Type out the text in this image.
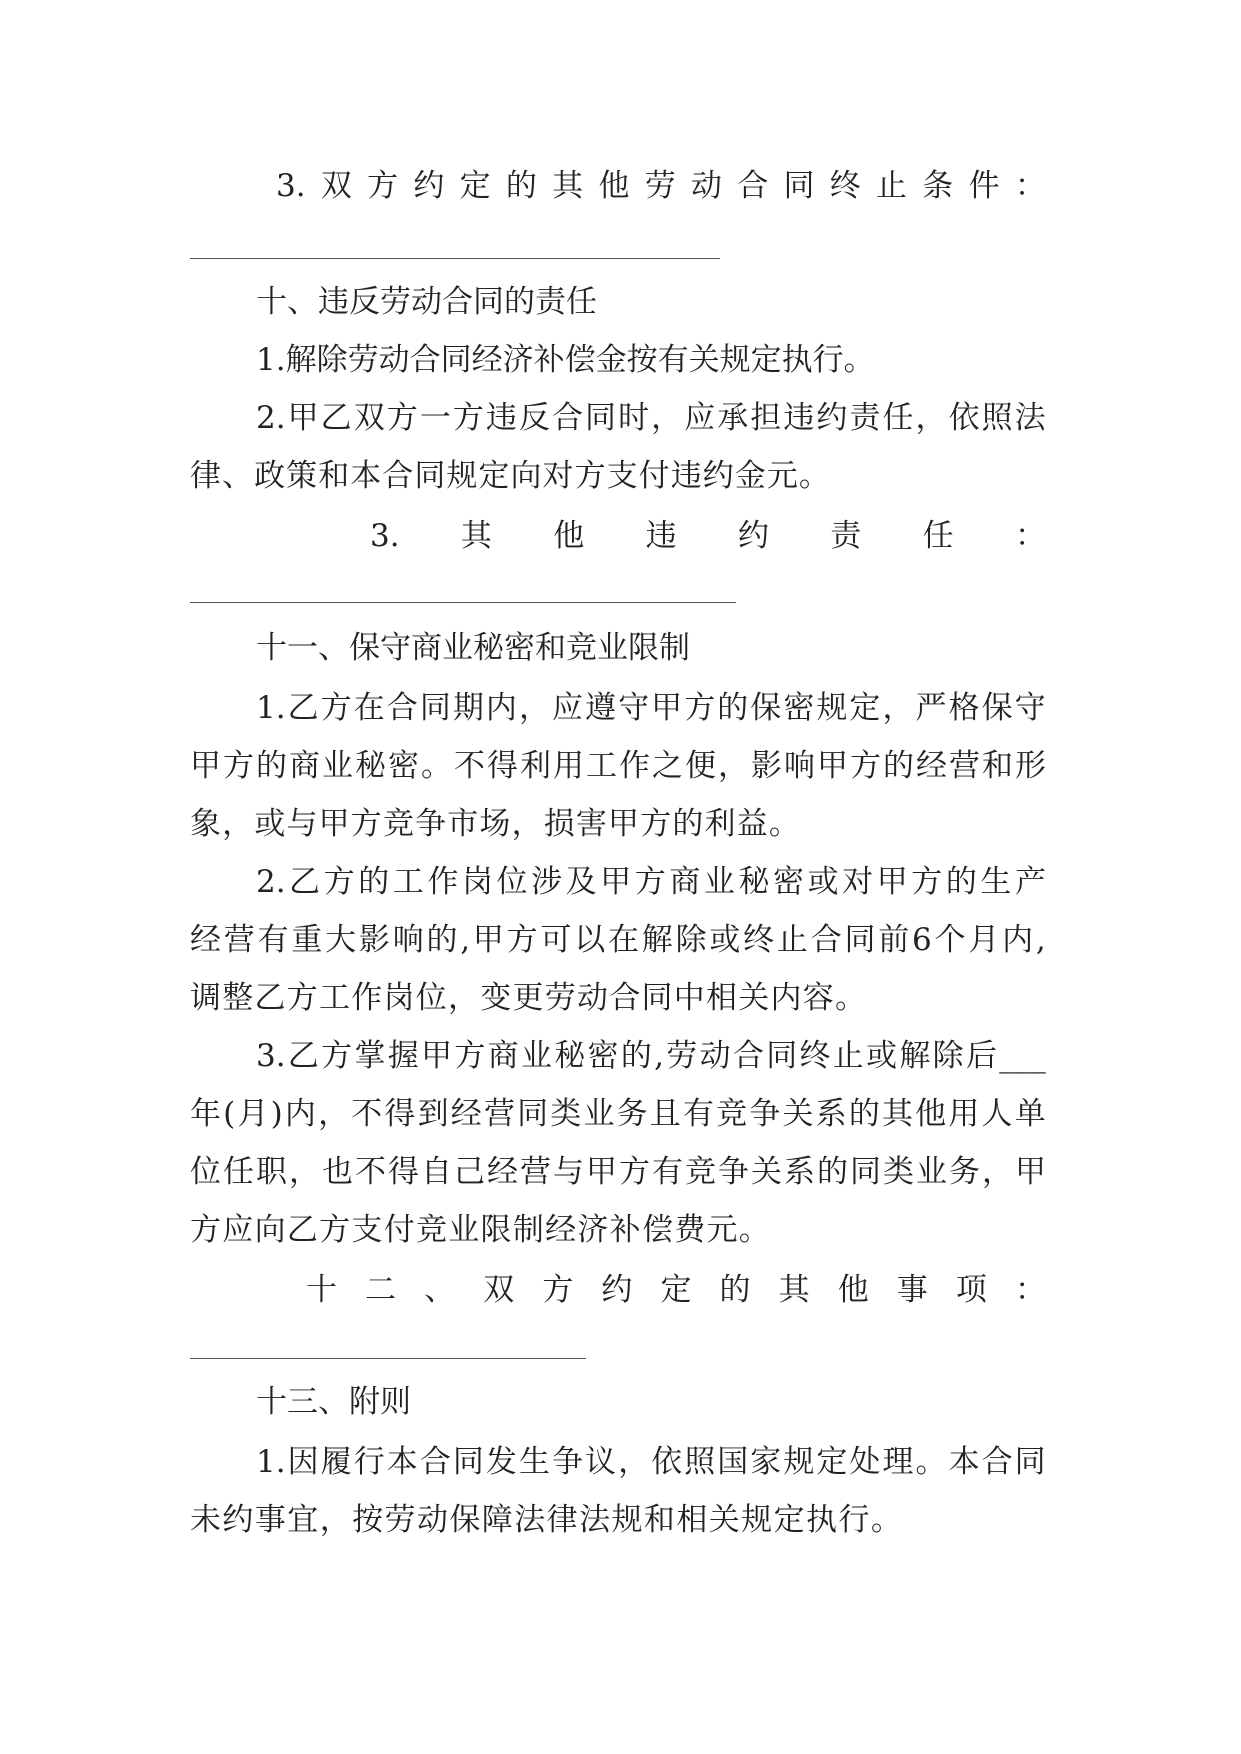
3. 双 方 约 定 的 其 他 劳 动 合 同 终 止 条 件 ：
十、违反劳动合同的责任
1.解除劳动合同经济补偿金按有关规定执行。
2. 甲 乙 双 方 一 方 违 反 合 同 时 ， 应 承 担 违 约 责 任 ， 依 照 法
律 、 政 策 和 本 合 同 规 定 向 对 方 支 付 违 约 金 元 。
3. 其 他 违 约 责 任 ：
十一、保守商业秘密和竞业限制
1. 乙 方 在 合 同 期 内 ， 应 遵 守 甲 方 的 保 密 规 定 ， 严 格 保 守
甲 方 的 商 业 秘 密 。 不 得 利 用 工 作 之 便 ， 影 响 甲 方 的 经 营 和 形
象 ， 或 与 甲 方 竞 争 市 场 ， 损 害 甲 方 的 利 益 。
2. 乙 方 的 工 作 岗 位 涉 及 甲 方 商 业 秘 密 或 对 甲 方 的 生 产
经 营 有 重 大 影 响 的 , 甲 方 可 以 在 解 除 或 终 止 合 同 前 6 个 月 内 ,
调 整 乙 方 工 作 岗 位 ， 变 更 劳 动 合 同 中 相 关 内 容 。
3. 乙 方 掌 握 甲 方 商 业 秘 密 的 , 劳 动 合 同 终 止 或 解 除 后 ___
年 ( 月 ) 内 ， 不 得 到 经 营 同 类 业 务 且 有 竞 争 关 系 的 其 他 用 人 单
位 任 职 ， 也 不 得 自 己 经 营 与 甲 方 有 竞 争 关 系 的 同 类 业 务 ， 甲
方 应 向 乙 方 支 付 竞 业 限 制 经 济 补 偿 费 元 。
十 二 、 双 方 约 定 的 其 他 事 项 ：
十三、附则
1. 因 履 行 本 合 同 发 生 争 议 ， 依 照 国 家 规 定 处 理 。 本 合 同
未 约 事 宜 ， 按 劳 动 保 障 法 律 法 规 和 相 关 规 定 执 行 。
